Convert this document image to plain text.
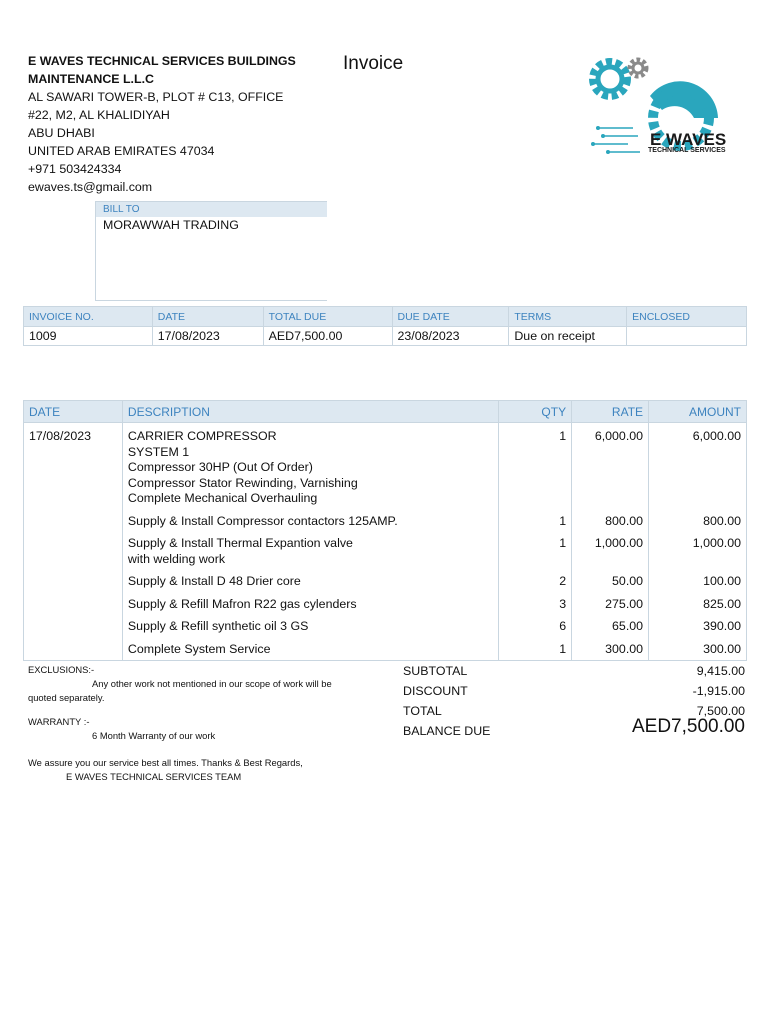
E WAVES TECHNICAL SERVICES BUILDINGS MAINTENANCE L.L.C
AL SAWARI TOWER-B, PLOT # C13, OFFICE
#22, M2, AL KHALIDIYAH
ABU DHABI
UNITED ARAB EMIRATES 47034
+971 503424334
ewaves.ts@gmail.com
Invoice
E WAVES
TECHNICAL SERVICES
BILL TO
MORAWWAH TRADING
INVOICE NO.	DATE	TOTAL DUE	DUE DATE	TERMS	ENCLOSED
1009	17/08/2023	AED7,500.00	23/08/2023	Due on receipt	
DATE	DESCRIPTION	QTY	RATE	AMOUNT
17/08/2023	CARRIER COMPRESSOR
SYSTEM 1
Compressor 30HP (Out Of Order)
Compressor Stator Rewinding, Varnishing
Complete Mechanical Overhauling	1	6,000.00	6,000.00

	Supply & Install Compressor contactors 125AMP.	1	800.00	800.00

	Supply & Install Thermal Expantion valve
with welding work	1	1,000.00	1,000.00

	Supply & Install D 48 Drier core	2	50.00	100.00

	Supply & Refill Mafron R22 gas cylenders	3	275.00	825.00

	Supply & Refill synthetic oil 3 GS	6	65.00	390.00

	Complete System Service	1	300.00	300.00
EXCLUSIONS:-
Any other work not mentioned in our scope of work will be
quoted separately.
WARRANTY :-
6 Month Warranty of our work
We assure you our service best all times. Thanks & Best Regards,
E WAVES TECHNICAL SERVICES TEAM
SUBTOTAL	9,415.00
DISCOUNT	-1,915.00
TOTAL	7,500.00
BALANCE DUE	AED7,500.00
